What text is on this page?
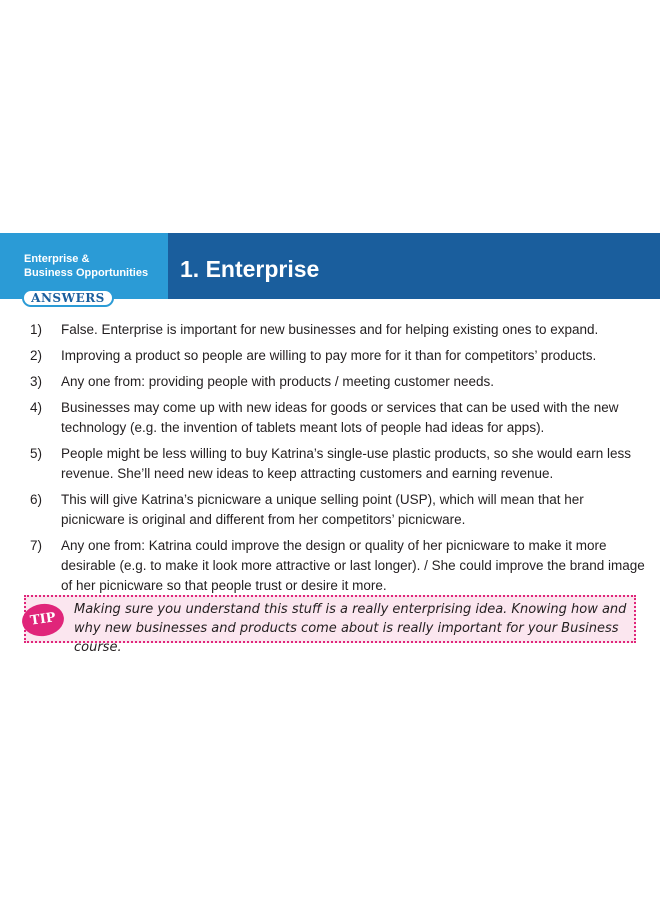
Enterprise &
Business Opportunities	1. Enterprise
ANSWERS
1)	False. Enterprise is important for new businesses and for helping existing ones to expand.
2)	Improving a product so people are willing to pay more for it than for competitors’ products.
3)	Any one from: providing people with products / meeting customer needs.
4)	Businesses may come up with new ideas for goods or services that can be used with the new technology (e.g. the invention of tablets meant lots of people had ideas for apps).
5)	People might be less willing to buy Katrina’s single-use plastic products, so she would earn less revenue. She’ll need new ideas to keep attracting customers and earning revenue.
6)	This will give Katrina’s picnicware a unique selling point (USP), which will mean that her picnicware is original and different from her competitors’ picnicware.
7)	Any one from: Katrina could improve the design or quality of her picnicware to make it more desirable (e.g. to make it look more attractive or last longer). / She could improve the brand image of her picnicware so that people trust or desire it more.
TIP
Making sure you understand this stuff is a really enterprising idea. Knowing how and why new businesses and products come about is really important for your Business course.
